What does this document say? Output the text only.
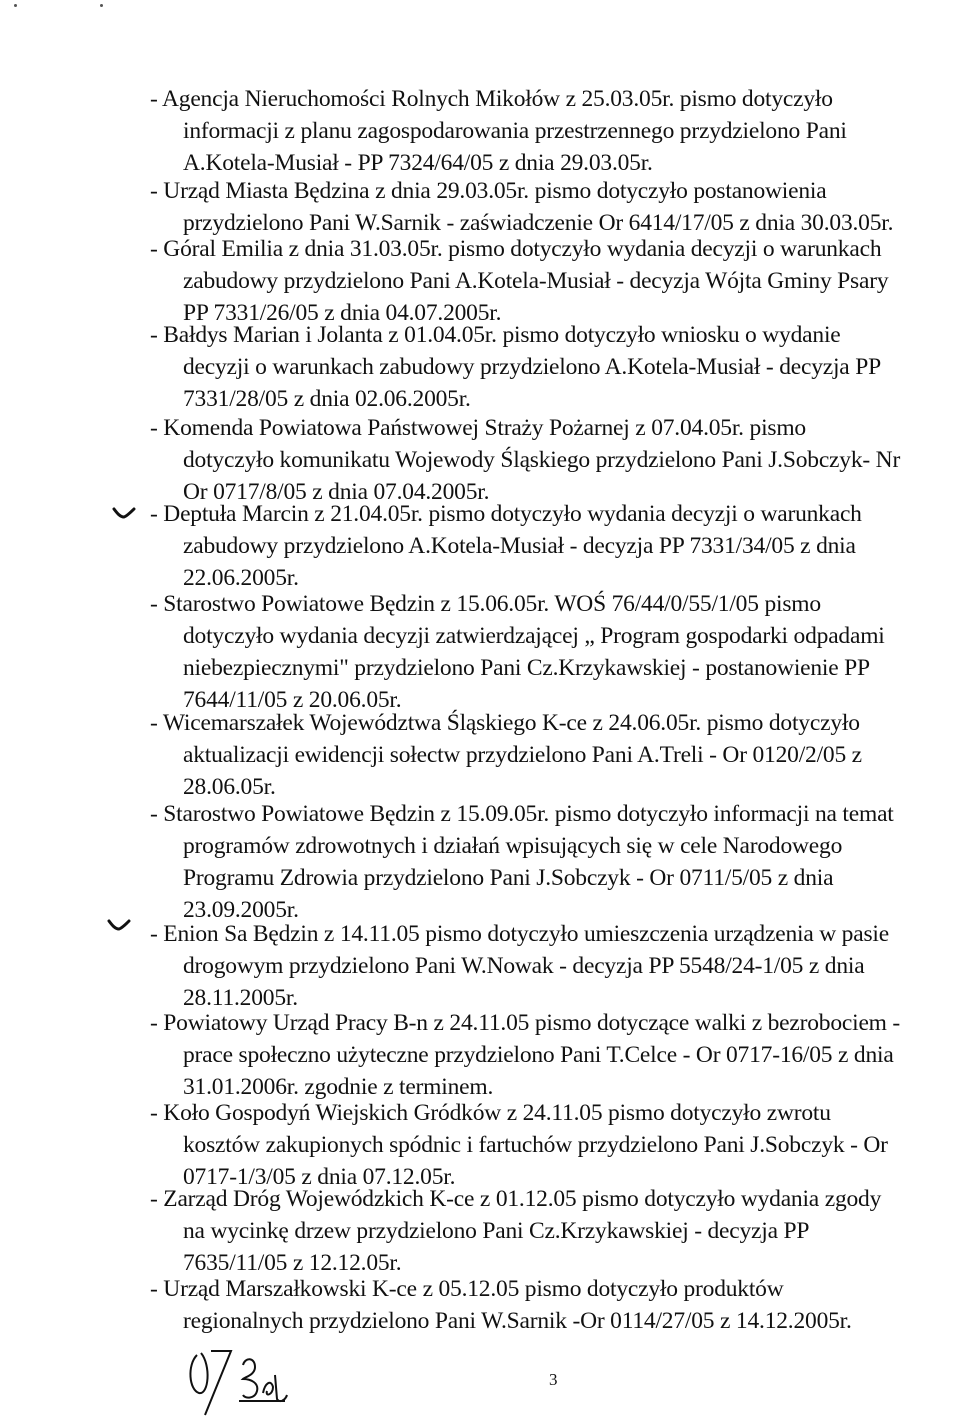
- Agencja Nieruchomości Rolnych Mikołów z 25.03.05r. pismo dotyczyło
informacji z planu zagospodarowania przestrzennego przydzielono Pani
A.Kotela-Musiał - PP 7324/64/05 z dnia 29.03.05r.
- Urząd Miasta Będzina z dnia 29.03.05r. pismo dotyczyło postanowienia
przydzielono Pani W.Sarnik - zaświadczenie Or 6414/17/05 z dnia 30.03.05r.
- Góral Emilia z dnia 31.03.05r. pismo dotyczyło wydania decyzji o warunkach
zabudowy przydzielono Pani A.Kotela-Musiał - decyzja Wójta Gminy Psary
PP 7331/26/05 z dnia 04.07.2005r.
- Bałdys Marian i Jolanta z 01.04.05r. pismo dotyczyło wniosku o wydanie
decyzji o warunkach zabudowy przydzielono A.Kotela-Musiał - decyzja PP
7331/28/05 z dnia 02.06.2005r.
- Komenda Powiatowa Państwowej Straży Pożarnej z 07.04.05r. pismo
dotyczyło komunikatu Wojewody Śląskiego przydzielono Pani J.Sobczyk- Nr
Or 0717/8/05 z dnia 07.04.2005r.
- Deptuła Marcin z 21.04.05r. pismo dotyczyło wydania decyzji o warunkach
zabudowy przydzielono A.Kotela-Musiał - decyzja PP 7331/34/05 z dnia
22.06.2005r.
- Starostwo Powiatowe Będzin z 15.06.05r. WOŚ 76/44/0/55/1/05 pismo
dotyczyło wydania decyzji zatwierdzającej „ Program gospodarki odpadami
niebezpiecznymi" przydzielono Pani Cz.Krzykawskiej - postanowienie PP
7644/11/05 z 20.06.05r.
- Wicemarszałek Województwa Śląskiego K-ce z 24.06.05r. pismo dotyczyło
aktualizacji ewidencji sołectw przydzielono Pani A.Treli - Or 0120/2/05 z
28.06.05r.
- Starostwo Powiatowe Będzin z 15.09.05r. pismo dotyczyło informacji na temat
programów zdrowotnych i działań wpisujących się w cele Narodowego
Programu Zdrowia przydzielono Pani J.Sobczyk - Or 0711/5/05 z dnia
23.09.2005r.
- Enion Sa Będzin z 14.11.05 pismo dotyczyło umieszczenia urządzenia w pasie
drogowym przydzielono Pani W.Nowak - decyzja PP 5548/24-1/05 z dnia
28.11.2005r.
- Powiatowy Urząd Pracy B-n z 24.11.05 pismo dotyczące walki z bezrobociem -
prace społeczno użyteczne przydzielono Pani T.Celce - Or 0717-16/05 z dnia
31.01.2006r. zgodnie z terminem.
- Koło Gospodyń Wiejskich Gródków z 24.11.05 pismo dotyczyło zwrotu
kosztów zakupionych spódnic i fartuchów przydzielono Pani J.Sobczyk - Or
0717-1/3/05 z dnia 07.12.05r.
- Zarząd Dróg Wojewódzkich K-ce z 01.12.05 pismo dotyczyło wydania zgody
na wycinkę drzew przydzielono Pani Cz.Krzykawskiej - decyzja PP
7635/11/05 z 12.12.05r.
- Urząd Marszałkowski K-ce z 05.12.05 pismo dotyczyło produktów
regionalnych przydzielono Pani W.Sarnik -Or 0114/27/05 z 14.12.2005r.
3
